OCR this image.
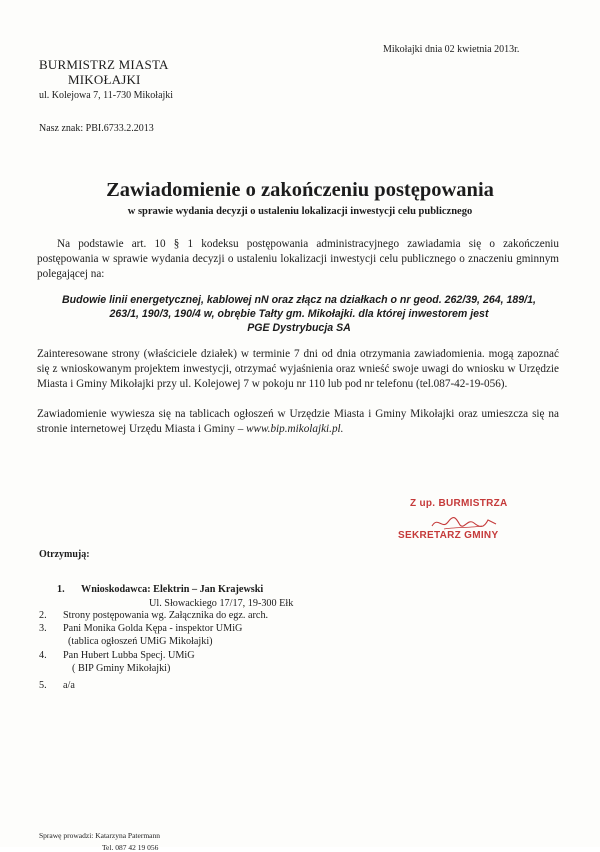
Mikołajki dnia 02 kwietnia 2013r.
BURMISTRZ MIASTA
MIKOŁAJKI
ul. Kolejowa 7, 11-730 Mikołajki
Nasz znak: PBI.6733.2.2013
Zawiadomienie o zakończeniu postępowania
w sprawie wydania decyzji o ustaleniu lokalizacji inwestycji celu publicznego
Na podstawie art. 10 § 1 kodeksu postępowania administracyjnego zawiadamia się o zakończeniu postępowania w sprawie wydania decyzji o ustaleniu lokalizacji inwestycji celu publicznego o znaczeniu gminnym polegającej na:
Budowie linii energetycznej, kablowej nN oraz złącz na działkach o nr geod. 262/39, 264, 189/1,
263/1, 190/3, 190/4 w, obrębie Tałty gm. Mikołajki. dla której inwestorem jest
PGE Dystrybucja SA
Zainteresowane strony (właściciele działek) w terminie 7 dni od dnia otrzymania zawiadomienia. mogą zapoznać się z wnioskowanym projektem inwestycji, otrzymać wyjaśnienia oraz wnieść swoje uwagi do wniosku w Urzędzie Miasta i Gminy Mikołajki przy ul. Kolejowej 7 w pokoju nr 110 lub pod nr telefonu (tel.087-42-19-056).
Zawiadomienie wywiesza się na tablicach ogłoszeń w Urzędzie Miasta i Gminy Mikołajki oraz umieszcza się na stronie internetowej Urzędu Miasta i Gminy – www.bip.mikolajki.pl.
Z up. BURMISTRZA
SEKRETARZ GMINY
Otrzymują:
1.	Wnioskodawca: Elektrin – Jan Krajewski
Ul. Słowackiego 17/17, 19-300 Ełk
2.	Strony postępowania wg. Załącznika do egz. arch.
3.	Pani Monika Golda Kępa - inspektor UMiG
(tablica ogłoszeń UMiG Mikołajki)
4.	Pan Hubert Lubba Specj. UMiG
( BIP Gminy Mikołajki)
5.	a/a
Sprawę prowadzi: Katarzyna Patermann
Tel. 087 42 19 056
